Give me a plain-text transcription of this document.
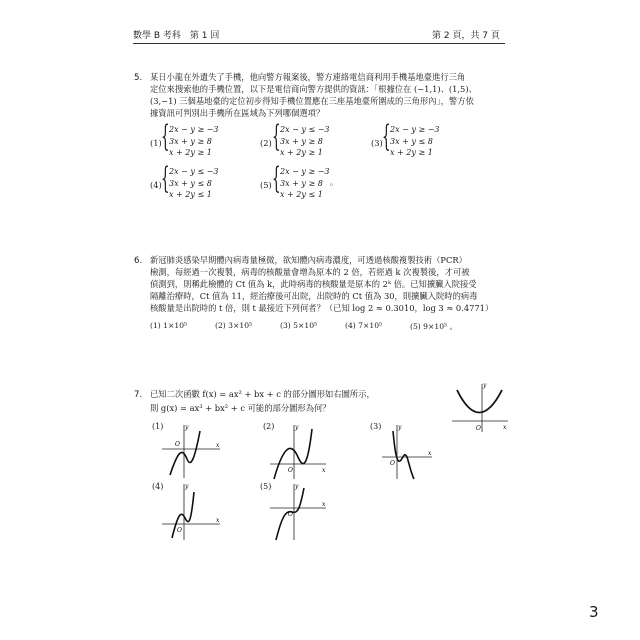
數學 B 考科　第 1 回	第 2 頁，共 7 頁
5. 某日小龍在外遺失了手機，他向警方報案後，警方連絡電信商利用手機基地臺進行三角
定位來搜索他的手機位置，以下是電信商向警方提供的資訊：「根據位在 (−1,1)、(1,5)、
(3,−1) 三個基地臺的定位初步得知手機位置應在三座基地臺所圍成的三角形內」，警方依
據資訊可判別出手機所在區域為下列哪個選項？
(1) { 2x − y ≥ −3
3x + y ≥ 8
x + 2y ≥ 1
(2) { 2x − y ≤ −3
3x + y ≥ 8
x + 2y ≥ 1
(3) { 2x − y ≥ −3
3x + y ≤ 8
x + 2y ≥ 1
(4) { 2x − y ≤ −3
3x + y ≤ 8
x + 2y ≤ 1
(5) { 2x − y ≥ −3
3x + y ≥ 8
x + 2y ≤ 1
。
6. 新冠肺炎感染早期體內病毒量極微，欲知體內病毒濃度，可透過核酸複製技術（PCR）
檢測，每經過一次複製，病毒的核酸量會增為原本的 2 倍，若經過 k 次複製後，才可被
偵測到，則稱此檢體的 Ct 值為 k，此時病毒的核酸量是原本的 2ᵏ 倍。已知擴臟入院接受
隔離治療時，Ct 值為 11，經治療後可出院，出院時的 Ct 值為 30，則擴臟入院時的病毒
核酸量是出院時的 t 倍，則 t 最接近下列何者？（已知 log 2 ≈ 0.3010，log 3 ≈ 0.4771）
(1) 1×10⁵	(2) 3×10⁵	(3) 5×10⁵	(4) 7×10⁵	(5) 9×10⁵ 。
7. 已知二次函數 f(x) = ax² + bx + c 的部分圖形如右圖所示，
則 g(x) = ax³ + bx² + c 可能的部分圖形為何？
y
x
O
(1)	y
x
O
(2)	y
x
O
(3)	y
x
O
(4)	y
x
O
(5)	y
x
O
3
